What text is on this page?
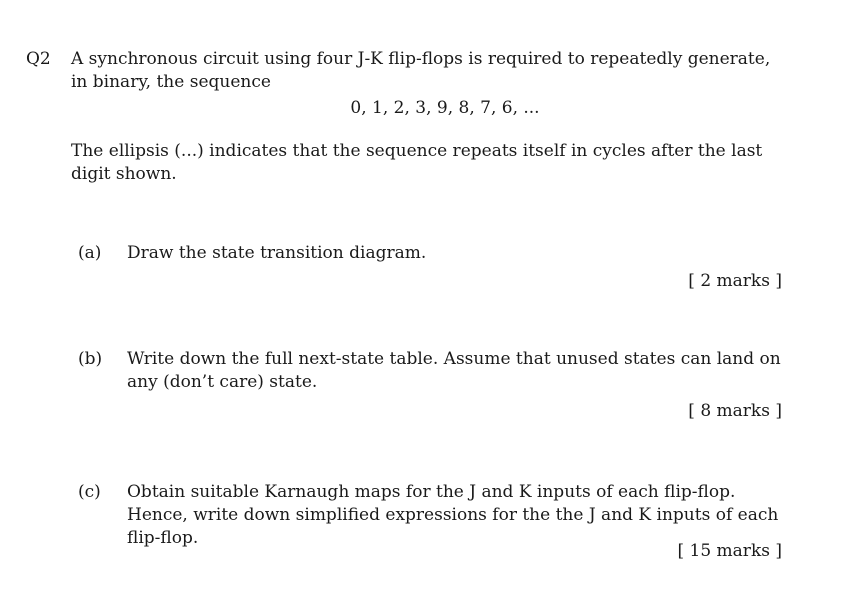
Q2 A synchronous circuit using four J-K flip-flops is required to repeatedly generate, in binary, the sequence
0, 1, 2, 3, 9, 8, 7, 6, ...
The ellipsis (...) indicates that the sequence repeats itself in cycles after the last digit shown.
(a) Draw the state transition diagram.
[ 2 marks ]
(b) Write down the full next-state table. Assume that unused states can land on any (don’t care) state.
[ 8 marks ]
(c) Obtain suitable Karnaugh maps for the J and K inputs of each flip-flop. Hence, write down simplified expressions for the the J and K inputs of each flip-flop.
[ 15 marks ]
